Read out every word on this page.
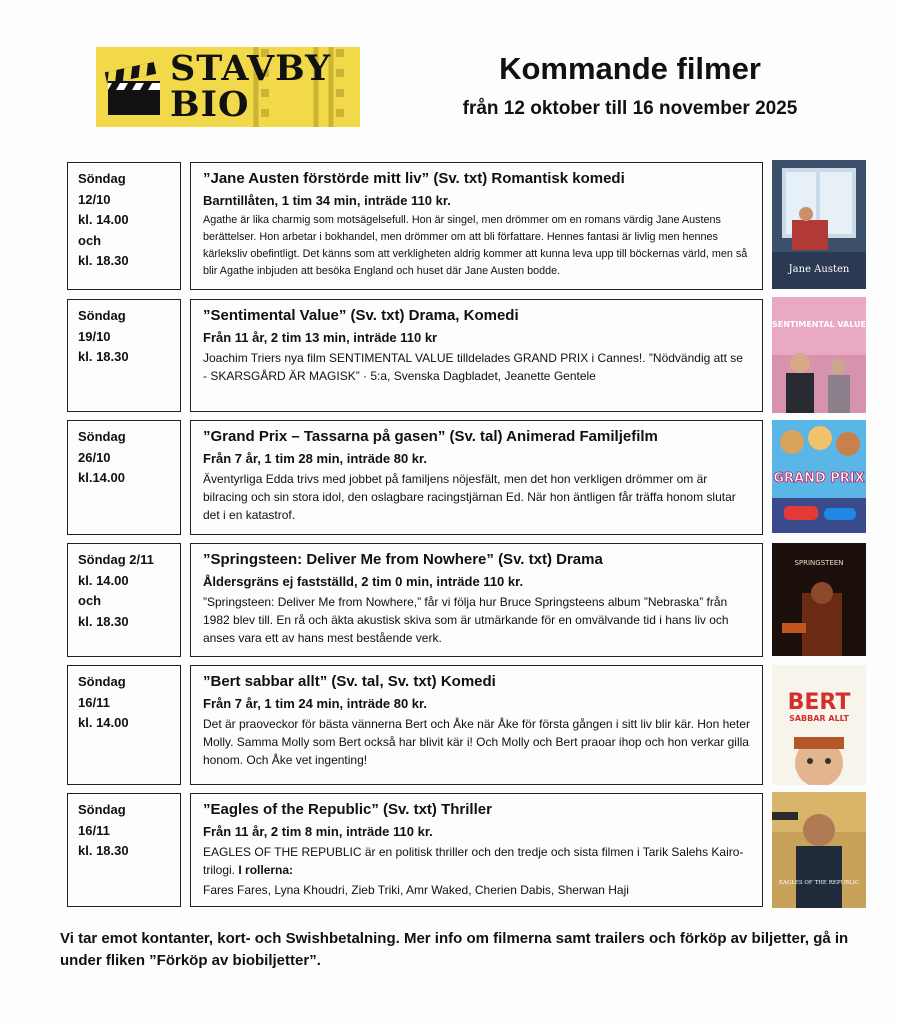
STAVBY
BIO
Kommande filmer
från 12 oktober till 16 november 2025
Söndag
12/10
kl. 14.00
och
kl. 18.30
”Jane Austen förstörde mitt liv” (Sv. txt) Romantisk komedi
Barntillåten, 1 tim 34 min, inträde 110 kr.
Agathe är lika charmig som motsägelsefull. Hon är singel, men drömmer om en romans värdig Jane Austens berättelser. Hon arbetar i bokhandel, men drömmer om att bli författare. Hennes fantasi är livlig men hennes kärleksliv obefintligt. Det känns som att verkligheten aldrig kommer att kunna leva upp till böckernas värld, men så blir Agathe inbjuden att besöka England och huset där Jane Austen bodde.	Jane Austen
Söndag
19/10
kl. 18.30
”Sentimental Value” (Sv. txt) Drama, Komedi
Från 11 år, 2 tim 13 min, inträde 110 kr
Joachim Triers nya film SENTIMENTAL VALUE tilldelades GRAND PRIX i Cannes!. ”Nödvändig att se - SKARSGÅRD ÄR MAGISK” · 5:a, Svenska Dagbladet, Jeanette Gentele
SENTIMENTAL VALUE
Söndag
26/10
kl.14.00
”Grand Prix – Tassarna på gasen” (Sv. tal) Animerad Familjefilm
Från 7 år, 1 tim 28 min, inträde 80 kr.
Äventyrliga Edda trivs med jobbet på familjens nöjesfält, men det hon verkligen drömmer om är bilracing och sin stora idol, den oslagbare racingstjärnan Ed. När hon äntligen får träffa honom slutar det i en katastrof.
GRAND PRIX
Söndag 2/11
kl. 14.00
och
kl. 18.30
”Springsteen: Deliver Me from Nowhere” (Sv. txt) Drama
Åldersgräns ej fastställd, 2 tim 0 min, inträde 110 kr.
”Springsteen: Deliver Me from Nowhere,” får vi följa hur Bruce Springsteens album ”Nebraska” från 1982 blev till. En rå och äkta akustisk skiva som är utmärkande för en omvälvande tid i hans liv och anses vara ett av hans mest bestående verk.
SPRINGSTEEN
Söndag
16/11
kl. 14.00
”Bert sabbar allt” (Sv. tal, Sv. txt) Komedi
Från 7 år, 1 tim 24 min, inträde 80 kr.
Det är praoveckor för bästa vännerna Bert och Åke när Åke för första gången i sitt liv blir kär. Hon heter Molly. Samma Molly som Bert också har blivit kär i! Och Molly och Bert praoar ihop och hon verkar gilla honom. Och Åke vet ingenting!
BERT
SABBAR ALLT
Söndag
16/11
kl. 18.30
”Eagles of the Republic” (Sv. txt) Thriller
Från 11 år, 2 tim 8 min, inträde 110 kr.
EAGLES OF THE REPUBLIC är en politisk thriller och den tredje och sista filmen i Tarik Salehs Kairo-trilogi. I rollerna:
Fares Fares, Lyna Khoudri, Zieb Triki, Amr Waked, Cherien Dabis, Sherwan Haji	EAGLES OF THE REPUBLIC
Vi tar emot kontanter, kort- och Swishbetalning. Mer info om filmerna samt trailers och förköp av biljetter, gå in under fliken ”Förköp av biobiljetter”.
